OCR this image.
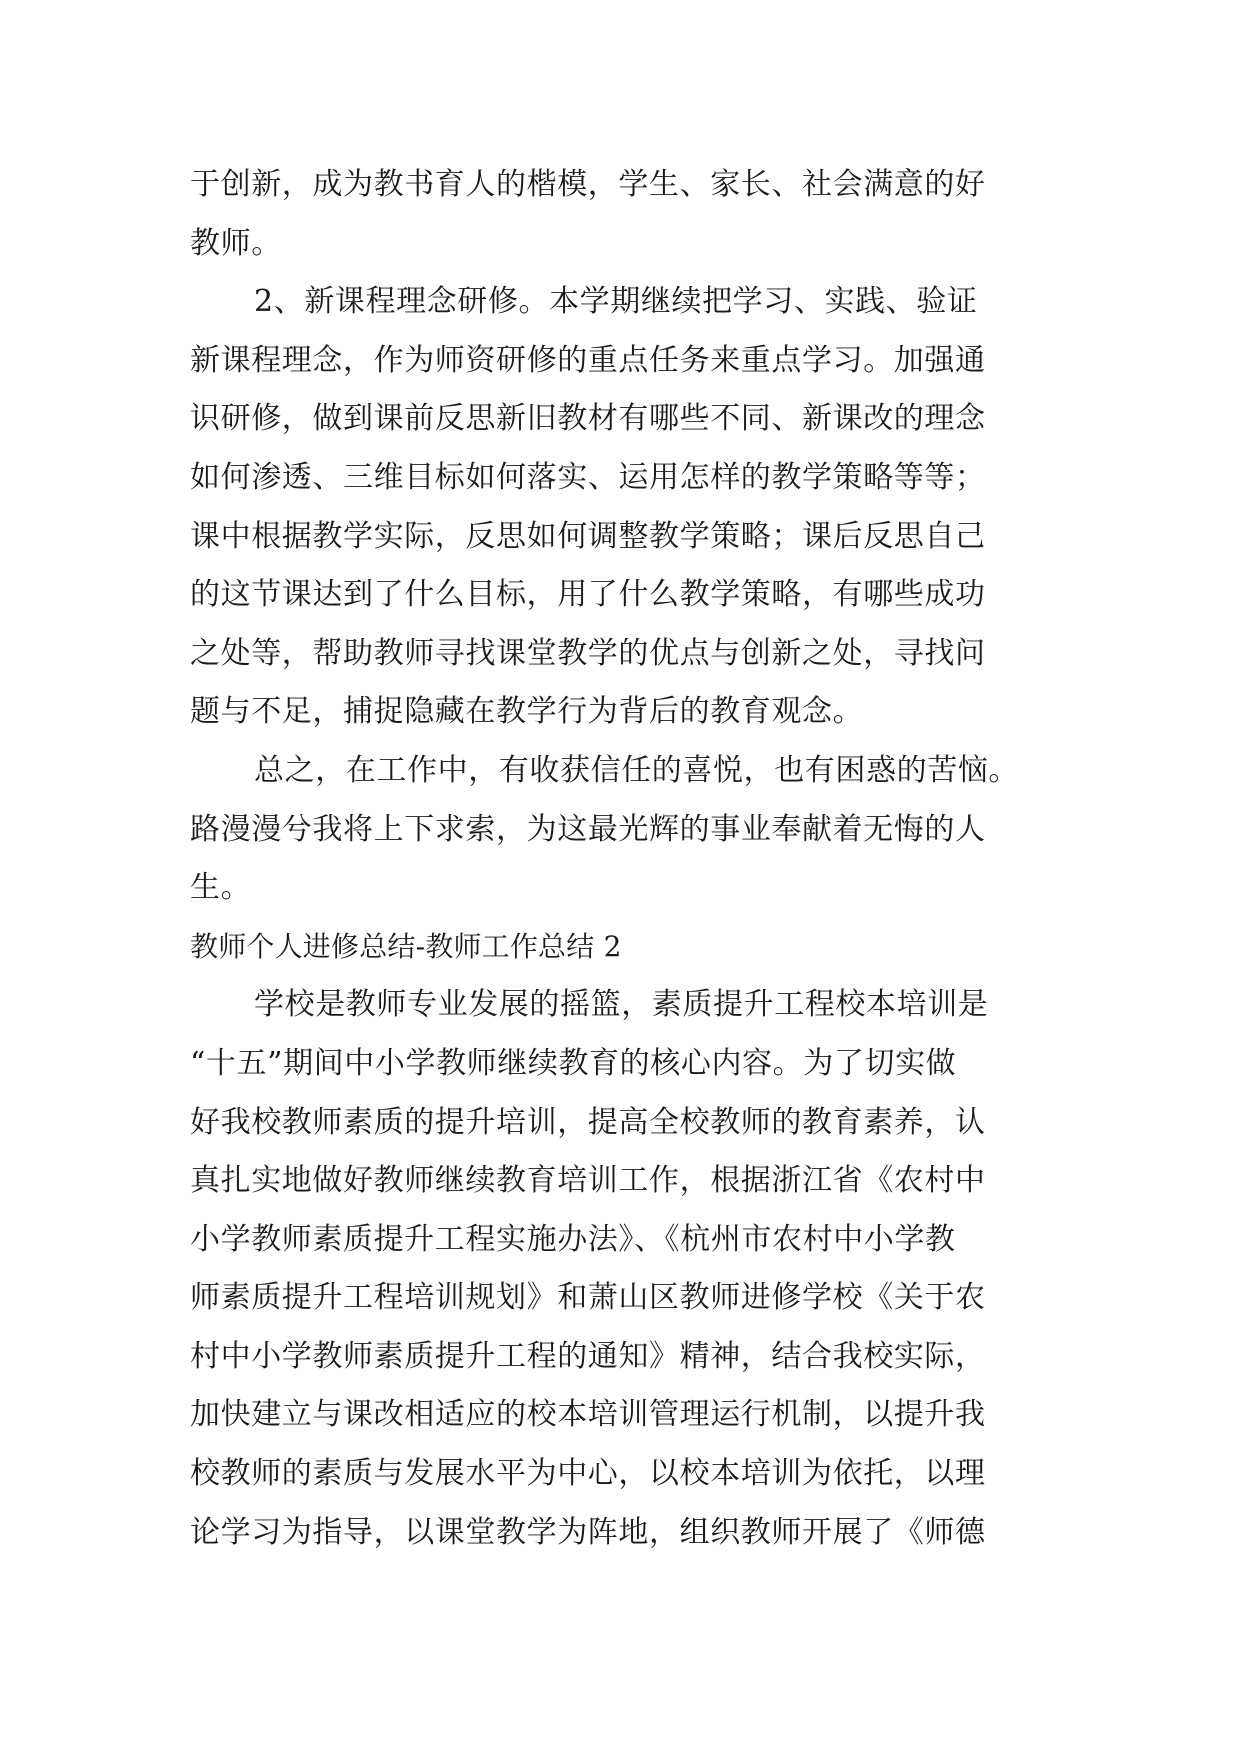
于创新，成为教书育人的楷模，学生、家长、社会满意的好
教师。
2、新课程理念研修。本学期继续把学习、实践、验证
新课程理念，作为师资研修的重点任务来重点学习。加强通
识研修，做到课前反思新旧教材有哪些不同、新课改的理念
如何渗透、三维目标如何落实、运用怎样的教学策略等等；
课中根据教学实际，反思如何调整教学策略；课后反思自己
的这节课达到了什么目标，用了什么教学策略，有哪些成功
之处等，帮助教师寻找课堂教学的优点与创新之处，寻找问
题与不足，捕捉隐藏在教学行为背后的教育观念。
总之，在工作中，有收获信任的喜悦，也有困惑的苦恼。
路漫漫兮我将上下求索，为这最光辉的事业奉献着无悔的人
生。
教师个人进修总结-教师工作总结 2
学校是教师专业发展的摇篮，素质提升工程校本培训是
“十五”期间中小学教师继续教育的核心内容。为了切实做
好我校教师素质的提升培训，提高全校教师的教育素养，认
真扎实地做好教师继续教育培训工作，根据浙江省《农村中
小学教师素质提升工程实施办法》、《杭州市农村中小学教
师素质提升工程培训规划》和萧山区教师进修学校《关于农
村中小学教师素质提升工程的通知》精神，结合我校实际，
加快建立与课改相适应的校本培训管理运行机制，以提升我
校教师的素质与发展水平为中心，以校本培训为依托，以理
论学习为指导，以课堂教学为阵地，组织教师开展了《师德
